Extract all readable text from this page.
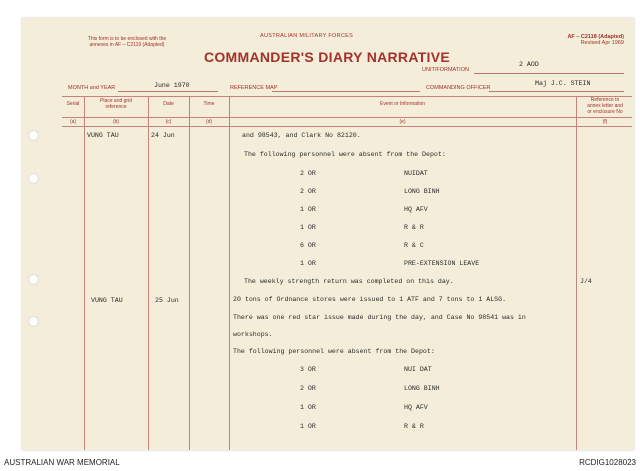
This form is to be enclosed with the
annexes in AF – C2119 (Adapted)
AUSTRALIAN MILITARY FORCES
COMMANDER'S DIARY NARRATIVE
AF – C2118 (Adapted)
Revised Apr 1969
UNIT/FORMATION
2 AOD
MONTH and YEAR	June 1970	REFERENCE MAP	COMMANDING OFFICER
Maj J.C. STEIN
Serial	Place and grid
reference	Date	Time	Event or Information
Reference to
annex letter and
or enclosure No
(a)	(b)	(c)	(d)	(e)	(f)
VUNG TAU	24 Jun	and 98543, and Clark No 82120.
The following personnel were absent from the Depot:
2 OR	NUIDAT
2 OR	LONG BINH
1 OR	HQ AFV
1 OR	R & R
6 OR	R & C
1 OR	PRE-EXTENSION LEAVE
The weekly strength return was completed on this day.	J/4
VUNG TAU	25 Jun	20 tons of Ordnance stores were issued to 1 ATF and 7 tons to 1 ALSG.
There was one red star issue made during the day, and Case No 98541 was in
workshops.
The following personnel were absent from the Depot:
3 OR	NUI DAT
2 OR	LONG BINH
1 OR	HQ AFV
1 OR	R & R
AUSTRALIAN WAR MEMORIAL	RCDIG1028023
